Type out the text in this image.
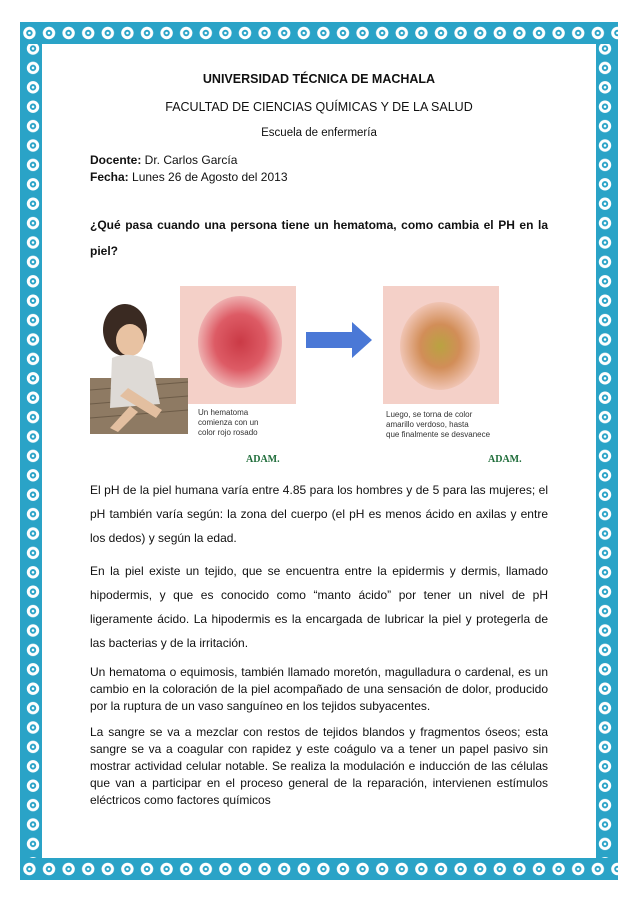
UNIVERSIDAD TÉCNICA DE MACHALA
FACULTAD DE CIENCIAS QUÍMICAS Y DE LA SALUD
Escuela de enfermería
Docente: Dr. Carlos García
Fecha: Lunes 26 de Agosto del 2013
¿Qué pasa cuando una persona tiene un hematoma, como cambia el PH en la piel?
Un hematoma
comienza con un
color rojo rosado
Luego, se torna de color
amarillo verdoso, hasta
que finalmente se desvanece
ADAM.	ADAM.

El pH de la piel humana varía entre 4.85 para los hombres y de 5 para las mujeres; el pH también varía según: la zona del cuerpo (el pH es menos ácido en axilas y entre los dedos) y según la edad.

En la piel existe un tejido, que se encuentra entre la epidermis y dermis, llamado hipodermis, y que es conocido como “manto ácido” por tener un nivel de pH ligeramente ácido. La hipodermis es la encargada de lubricar la piel y protegerla de las bacterias y de la irritación.

Un hematoma o equimosis, también llamado moretón, magulladura o cardenal, es un cambio en la coloración de la piel acompañado de una sensación de dolor, producido por la ruptura de un vaso sanguíneo en los tejidos subyacentes.

La sangre se va a mezclar con restos de tejidos blandos y fragmentos óseos; esta sangre se va a coagular con rapidez y este coágulo va a tener un papel pasivo sin mostrar actividad celular notable. Se realiza la modulación e inducción de las células que van a participar en el proceso general de la reparación, intervienen estímulos eléctricos como factores químicos
